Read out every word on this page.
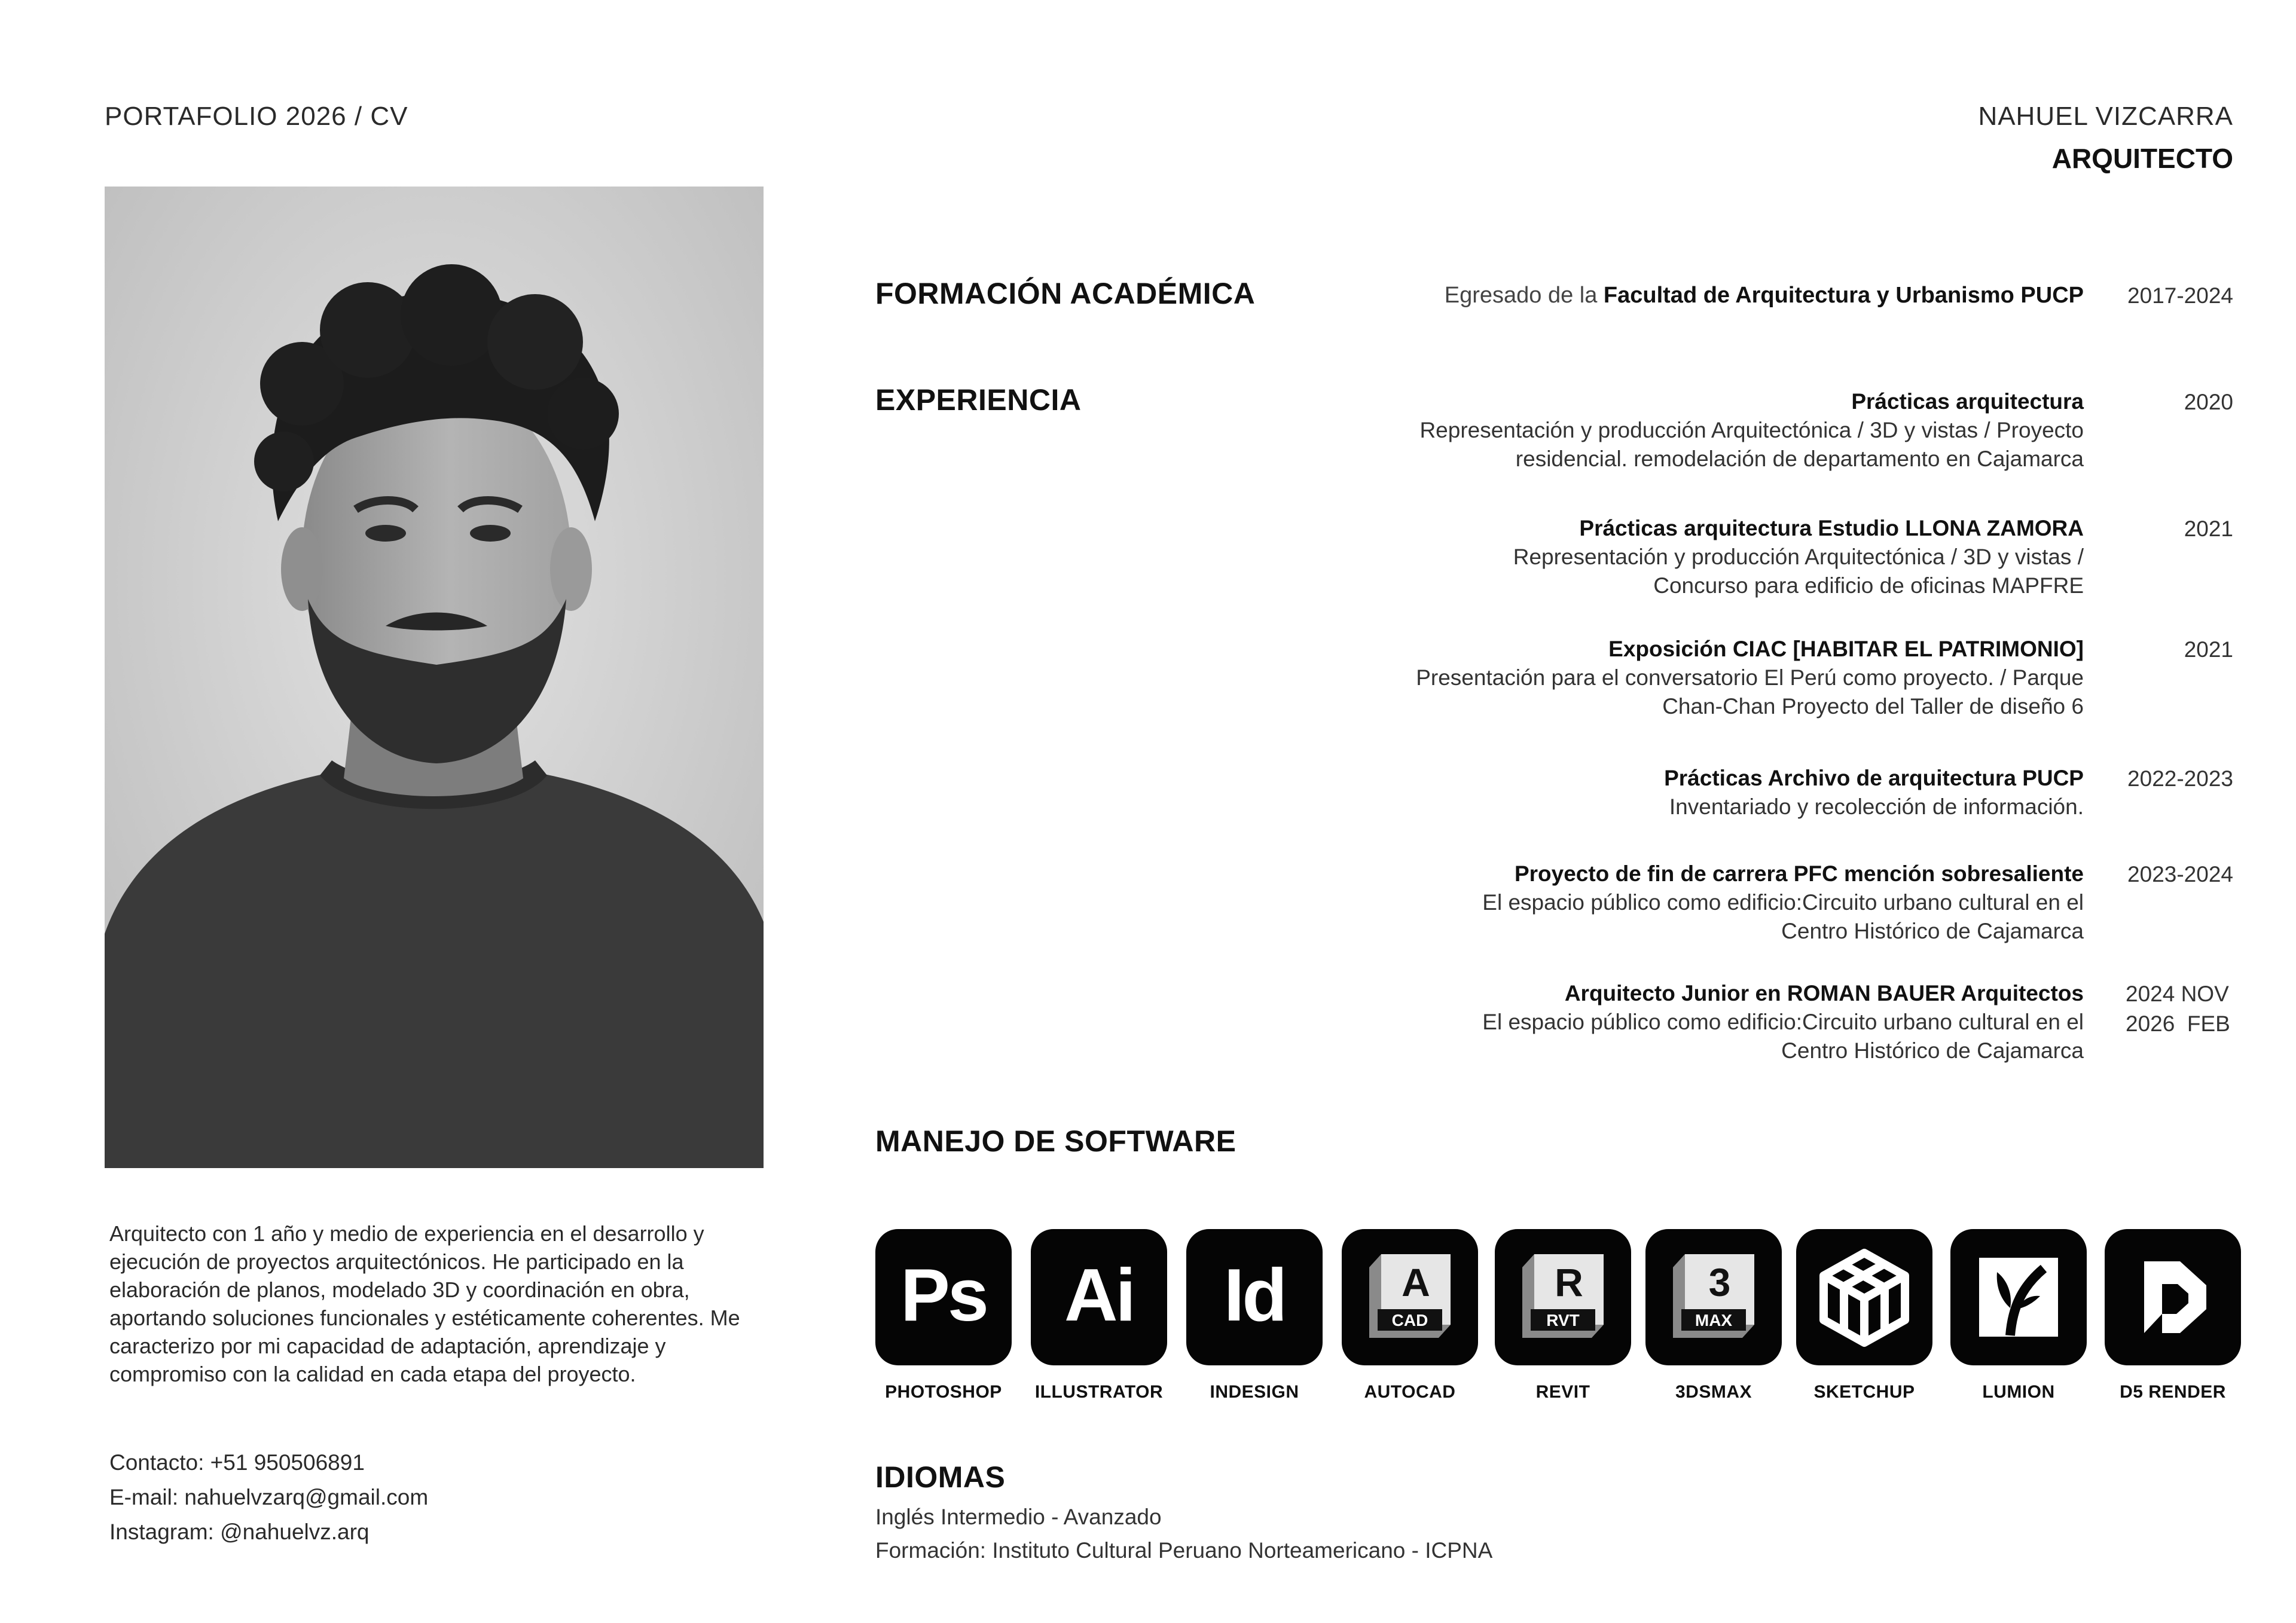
PORTAFOLIO 2026 / CV	NAHUEL VIZCARRA
ARQUITECTO
Arquitecto con 1 año y medio de experiencia en el desarrollo y ejecución de proyectos arquitectónicos. He participado en la elaboración de planos, modelado 3D y coordinación en obra, aportando soluciones funcionales y estéticamente coherentes. Me caracterizo por mi capacidad de adaptación, aprendizaje y compromiso con la calidad en cada etapa del proyecto.
Contacto: +51 950506891
E-mail: nahuelvzarq@gmail.com
Instagram: @nahuelvz.arq
FORMACIÓN ACADÉMICA	Egresado de la Facultad de Arquitectura y Urbanismo PUCP 2017-2024
EXPERIENCIA	Prácticas arquitectura
Representación y producción Arquitectónica / 3D y vistas / Proyecto residencial. remodelación de departamento en Cajamarca
2020
Prácticas arquitectura Estudio LLONA ZAMORA
Representación y producción Arquitectónica / 3D y vistas / Concurso para edificio de oficinas MAPFRE
2021
Exposición CIAC [HABITAR EL PATRIMONIO]
Presentación para el conversatorio El Perú como proyecto. / Parque Chan-Chan Proyecto del Taller de diseño 6
2021
Prácticas Archivo de arquitectura PUCP
Inventariado y recolección de información.
2022-2023
Proyecto de fin de carrera PFC mención sobresaliente
El espacio público como edificio:Circuito urbano cultural en el Centro Histórico de Cajamarca
2023-2024
Arquitecto Junior en ROMAN BAUER Arquitectos
El espacio público como edificio:Circuito urbano cultural en el Centro Histórico de Cajamarca
2024 NOV
2026  FEB
MANEJO DE SOFTWARE
Ps
PHOTOSHOP
Ai
ILLUSTRATOR
Id
INDESIGN
A
CAD
AUTOCAD
R
RVT
REVIT
3
MAX
3DSMAX	SKETCHUP	LUMION	D5 RENDER
IDIOMAS
Inglés Intermedio - Avanzado
Formación: Instituto Cultural Peruano Norteamericano - ICPNA
